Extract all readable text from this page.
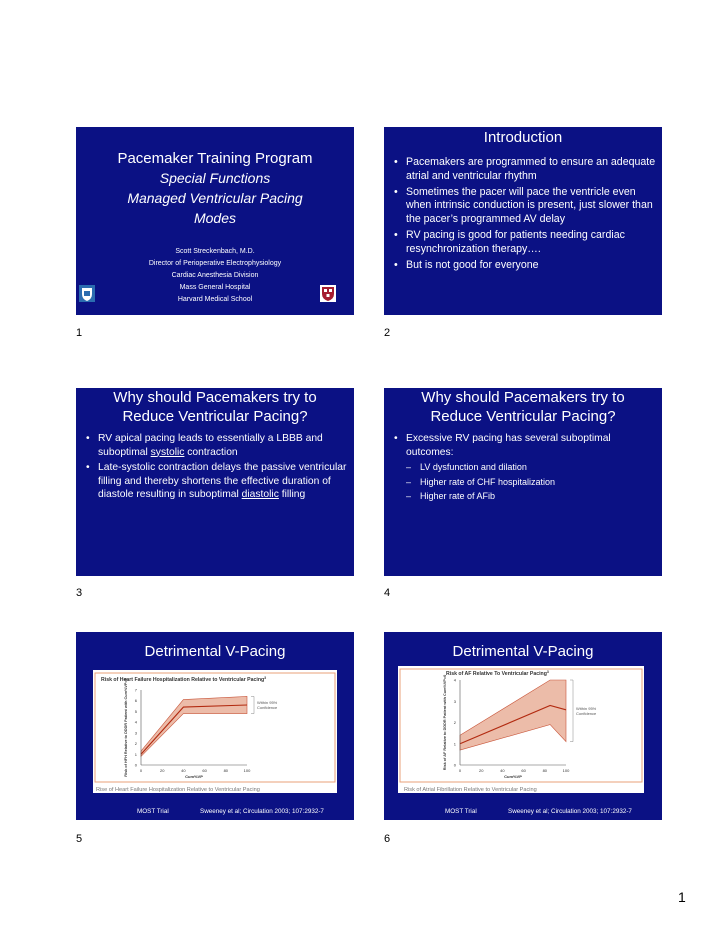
Pacemaker Training Program
Special Functions
Managed Ventricular Pacing
Modes
Scott Streckenbach, M.D.
Director of Perioperative Electrophysiology
Cardiac Anesthesia Division
Mass General Hospital
Harvard Medical School
1
Introduction
• Pacemakers are programmed to ensure an adequate atrial and ventricular rhythm
• Sometimes the pacer will pace the ventricle even when intrinsic conduction is present, just slower than the pacer’s programmed AV delay
• RV pacing is good for patients needing cardiac resynchronization therapy….
• But is not good for everyone
2
Why should Pacemakers try to
Reduce Ventricular Pacing?
• RV apical pacing leads to essentially a LBBB and suboptimal systolic contraction
• Late-systolic contraction delays the passive ventricular filling and thereby shortens the effective duration of diastole resulting in suboptimal diastolic filling
3
Why should Pacemakers try to
Reduce Ventricular Pacing?
• Excessive RV pacing has several suboptimal outcomes:
– LV dysfunction and dilation
– Higher rate of CHF hospitalization
– Higher rate of AFib
4
Detrimental V-Pacing
Risk of Heart Failure Hospitalization Relative to Ventricular Pacing$^3$
0
1
2
3
4
5
6
7
0	20	40	60	80	100
Cum%VP
Risk of HFH Relative to DDDR Patient with Cum%VP=0	Within 95%
Confidence
Rise of Heart Failure Hospitalization Relative to Ventricular Pacing
MOST Trial	Sweeney et al; Circulation 2003; 107:2932-7
5
Detrimental V-Pacing
Risk of AF Relative To Ventricular Pacing$^3$
0
1
2
3
4
0	20	40	60	80	100
Cum%VP
Risk of AF Relative to DDDR Patient with Cum%VP=0	Within 95%
Confidence
Risk of Atrial Fibrillation Relative to Ventricular Pacing
MOST Trial	Sweeney et al; Circulation 2003; 107:2932-7
6
1
